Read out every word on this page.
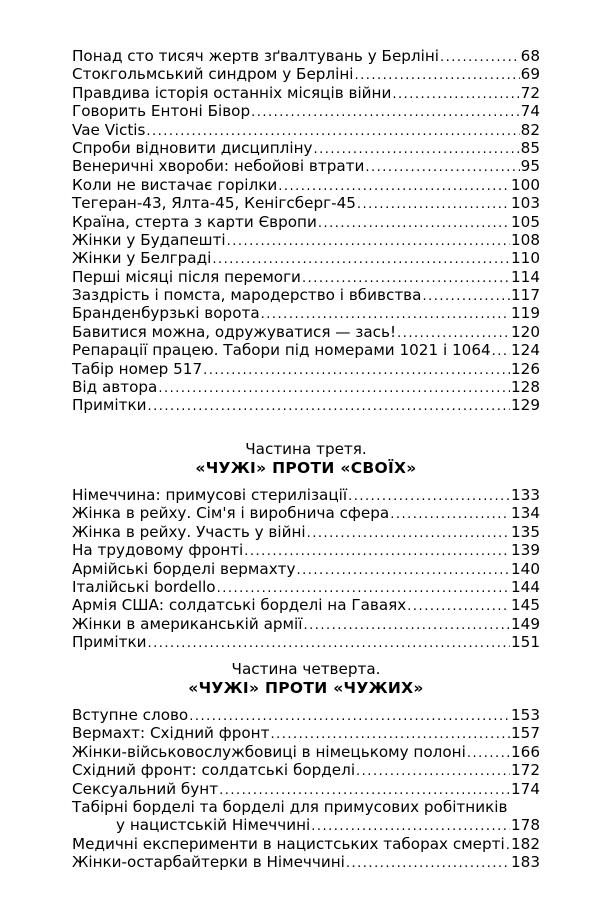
Понад сто тисяч жертв зґвалтувань у Берліні .....	68
Стокгольмський синдром у Берліні .....	69
Правдива історія останніх місяців війни .....	72
Говорить Ентоні Бівор .....	74
Vae Victis .....	82
Спроби відновити дисципліну .....	85
Венеричні хвороби: небойові втрати .....	95
Коли не вистачає горілки .....	100
Тегеран-43, Ялта-45, Кенігсберг-45 .....	103
Країна, стерта з карти Європи .....	105
Жінки у Будапешті .....	108
Жінки у Белграді .....	110
Перші місяці після перемоги .....	114
Заздрість і помста, мародерство і вбивства .....	117
Бранденбурзькі ворота .....	119
Бавитися можна, одружуватися — зась! .....	120
Репарації працею. Табори під номерами 1021 і 1064 ..... 124
Табір номер 517 .....	126
Від автора .....	128
Примітки .....	129
Частина третя.
«ЧУЖІ» ПРОТИ «СВОЇХ»
Німеччина: примусові стерилізації .....	133
Жінка в рейху. Сім'я і виробнича сфера .....	134
Жінка в рейху. Участь у війні .....	135
На трудовому фронті .....	139
Армійські борделі вермахту .....	140
Італійські bordello .....	144
Армія США: солдатські борделі на Гаваях .....	145
Жінки в американській армії .....	149
Примітки .....	151
Частина четверта.
«ЧУЖІ» ПРОТИ «ЧУЖИХ»
Вступне слово .....	153
Вермахт: Східний фронт .....	157
Жінки-військовослужбовиці в німецькому полоні .....	166
Східний фронт: солдатські борделі .....	172
Сексуальний бунт .....	174
Табірні борделі та борделі для примусових робітників
у нацистській Німеччині .....	178
Медичні експерименти в нацистських таборах смерті ..... 182
Жінки-остарбайтерки в Німеччині .....	183
